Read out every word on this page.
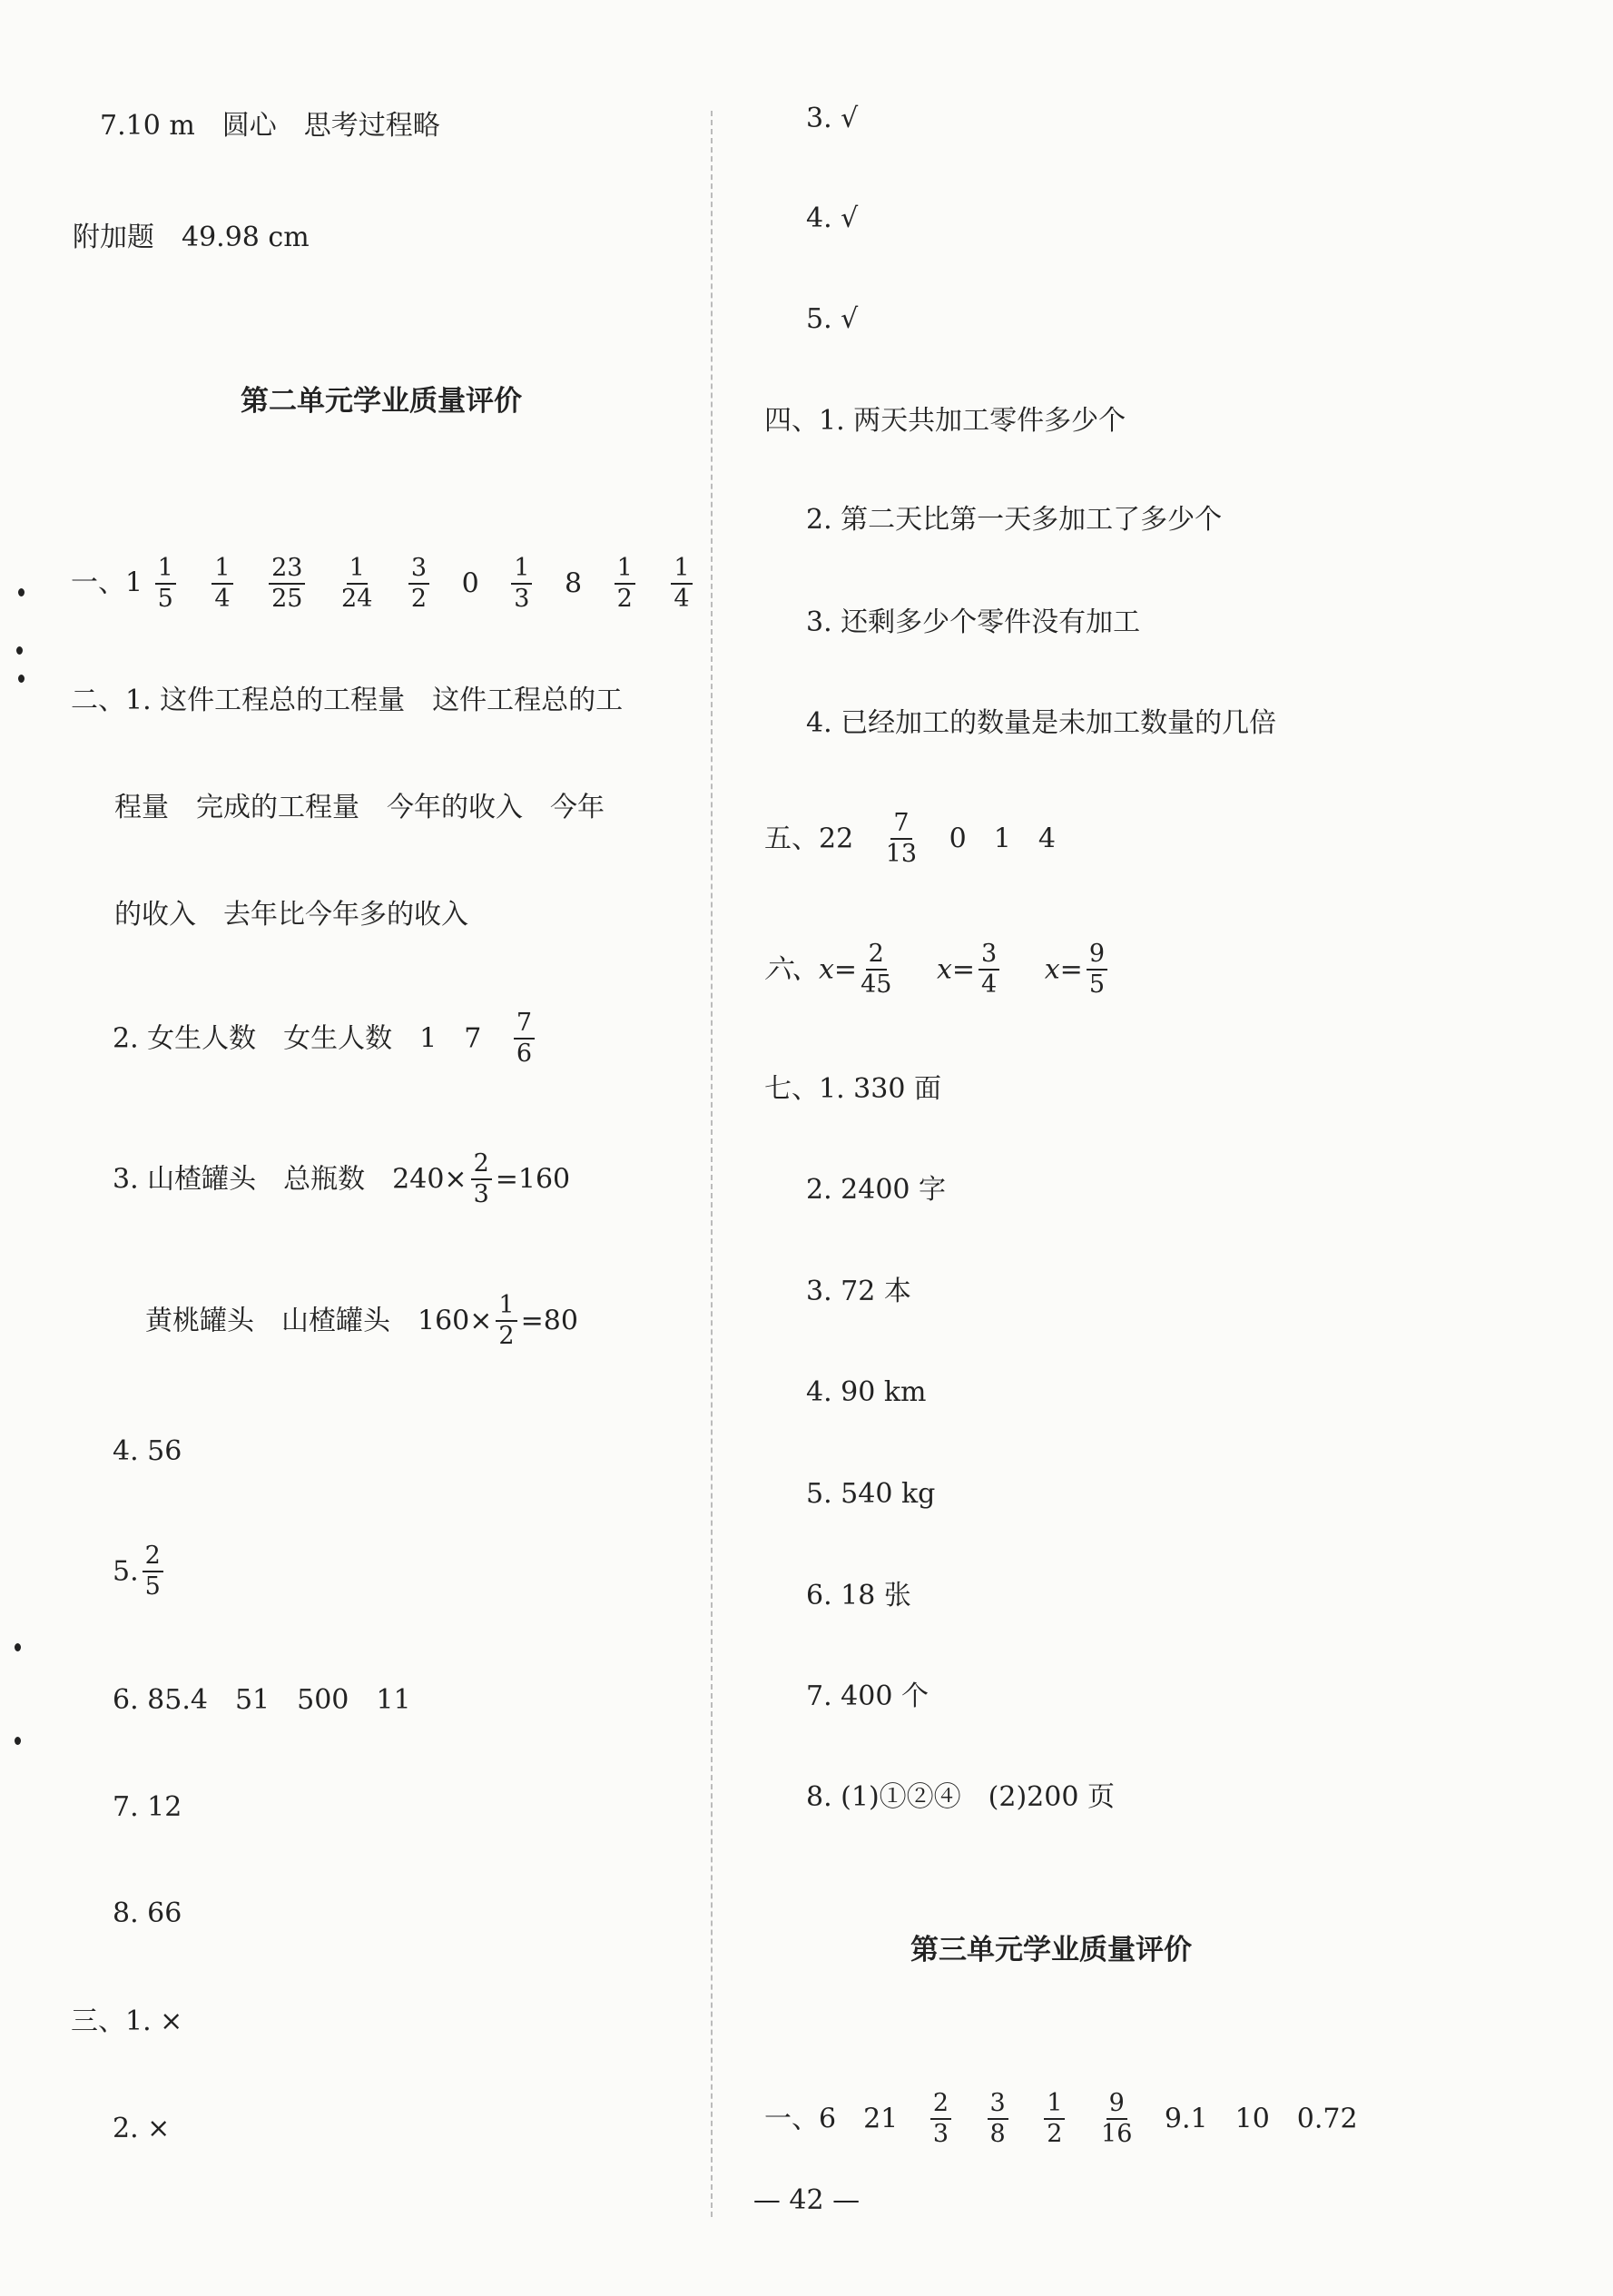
7.10 m　圆心　思考过程略
附加题　49.98 cm
第二单元学业质量评价
一、$1 \frac{1}{5}$
$\frac{1}{4}$
$\frac{23}{25}$
$\frac{1}{24}$
$\frac{3}{2} 0 \frac{1}{3} 8 \frac{1}{2}$
$\frac{1}{4}$
二、1. 这件工程总的工程量　这件工程总的工
程量　完成的工程量　今年的收入　今年
的收入　去年比今年多的收入
2. 女生人数　女生人数　1　$7 \frac{7}{6}$
3. 山楂罐头　总瓶数　$240\times \frac{2}{3} =160$
黄桃罐头　山楂罐头　$160\times \frac{1}{2} =80$
4. 56
5. $\frac{2}{5}$
6. 85.4　51　500　11
7. 12
8. 66
三、1. ×
2. ×
3. √
4. √
5. √
四、1. 两天共加工零件多少个
2. 第二天比第一天多加工了多少个
3. 还剩多少个零件没有加工
4. 已经加工的数量是未加工数量的几倍
五、$22 \frac{7}{13} 0$　1　4
六、$x= \frac{2}{45} x= \frac{3}{4} x= \frac{9}{5}$
七、1. 330 面
2. 2400 字
3. 72 本
4. 90 km
5. 540 kg
6. 18 张
7. 400 个
8. (1)①②④　(2)200 页
第三单元学业质量评价
一、6　$21 \frac{2}{3}$
$\frac{3}{8}$
$\frac{1}{2}$
$\frac{9}{16} 9.1$　10　0.72
— 42 —
